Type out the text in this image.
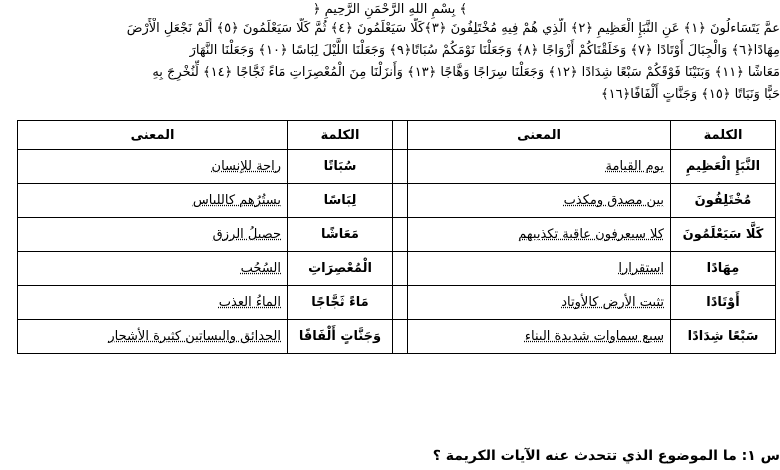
﴿ بِسْمِ اللهِ الرَّحْمَنِ الرَّحِيمِ ﴾
عمَّ يَتَسَاءلُونَ ﴿١﴾ عَنِ النَّبَإِ الْعَظِيمِ ﴿٢﴾ الَّذِي هُمْ فِيهِ مُخْتَلِفُونَ ﴿٣﴾كَلَّا سَيَعْلَمُونَ ﴿٤﴾ ثُمَّ كَلَّا سَيَعْلَمُونَ ﴿٥﴾ أَلَمْ نَجْعَلِ الْأَرْضَ
مِهَادًا﴿٦﴾ وَالْجِبَالَ أَوْتَادًا ﴿٧﴾ وَخَلَقْنَاكُمْ أَزْوَاجًا ﴿٨﴾ وَجَعَلْنَا نَوْمَكُمْ سُبَاتًا﴿٩﴾ وَجَعَلْنَا اللَّيْلَ لِبَاسًا ﴿١٠﴾ وَجَعَلْنَا النَّهَارَ
مَعَاشًا ﴿١١﴾ وَبَنَيْنَا فَوْقَكُمْ سَبْعًا شِدَادًا ﴿١٢﴾ وَجَعَلْنَا سِرَاجًا وَهَّاجًا ﴿١٣﴾ وَأَنزَلْنَا مِنَ الْمُعْصِرَاتِ مَاءً ثَجَّاجًا ﴿١٤﴾ لِّنُخْرِجَ بِهِ
حَبًّا وَنَبَاتًا ﴿١٥﴾ وَجَنَّاتٍ أَلْفَافًا﴿١٦﴾
الكلمة	المعنى		الكلمة	المعنى
النَّبَإِ الْعَظِيمِ	يوم القيامة		سُبَاتًا	راحة للإنسان
مُخْتَلِفُونَ	بين مصدق ومكذب		لِبَاسًا	يستُرُهم كاللباس
كَلَّا سَيَعْلَمُونَ	كلا سيعرفون عاقبة تكذيبهم		مَعَاشًا	حصيلُ الرزق
مِهَادًا	استقرارا		الْمُعْصِرَاتِ	السُحُب
أَوْتَادًا	تثبت الأرض كالأوتاد		مَاءً ثَجَّاجًا	الماءُ العذب
سَبْعًا شِدَادًا	سبع سماوات شديدة البناء		وَجَنَّاتٍ أَلْفَافًا	الحدائق والبساتين كثيرة الأشجار
س ١: ما الموضوع الذي تتحدث عنه الآيات الكريمة ؟
